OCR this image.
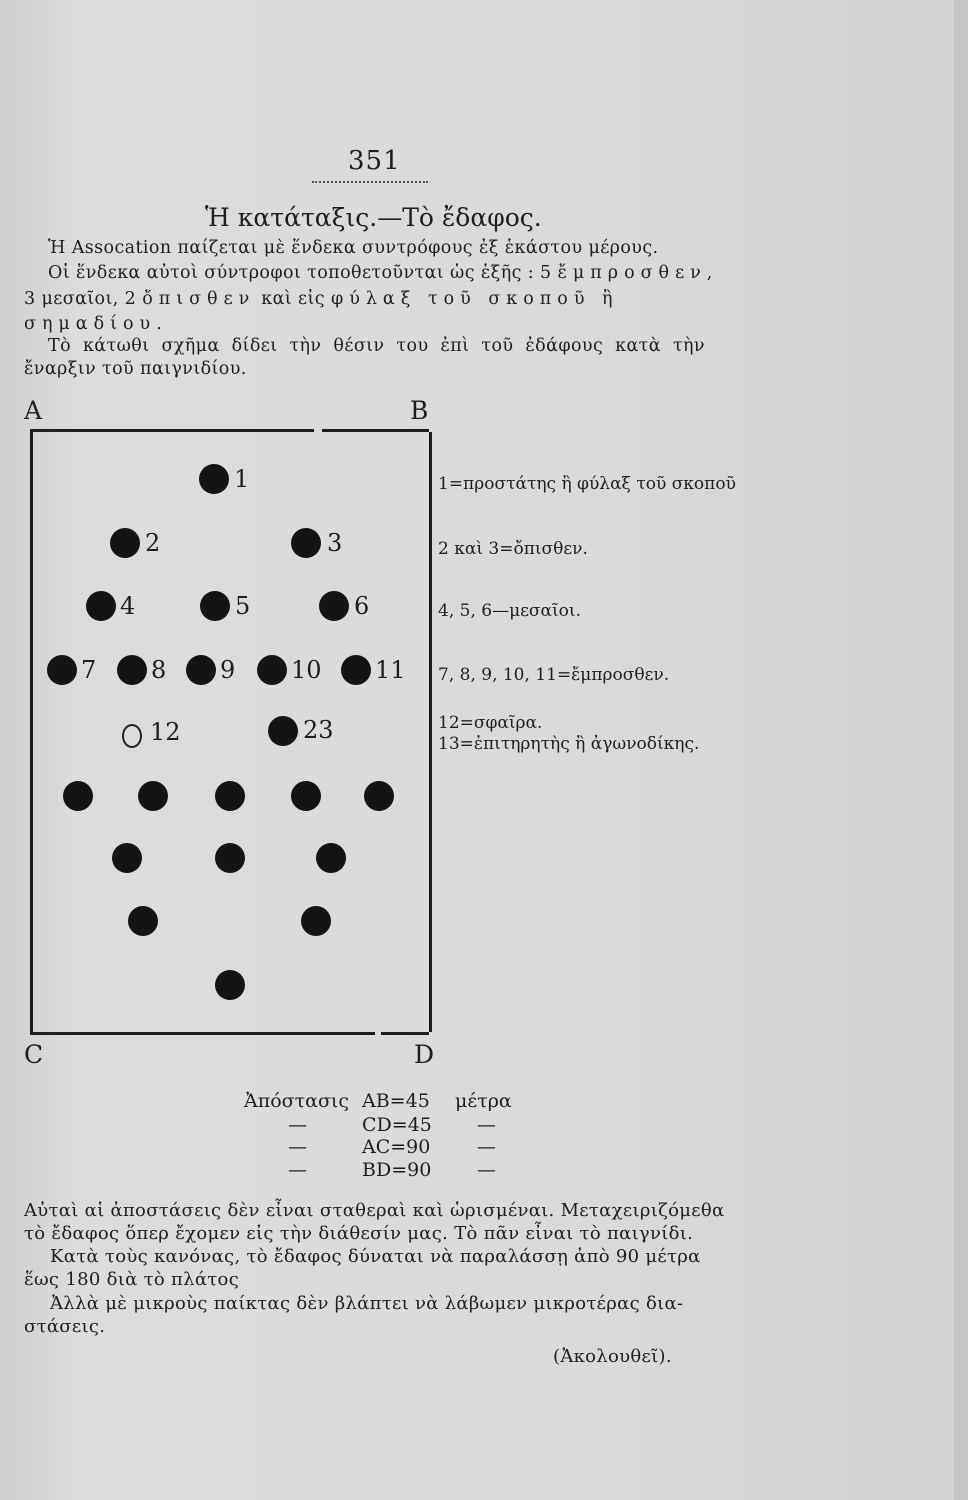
351
Ἡ κατάταξις.—Τὸ ἔδαφος.
Ἡ Assocation παίζεται μὲ ἕνδεκα συντρόφους ἐξ ἑκάστου μέρους.
Οἱ ἕνδεκα αὐτοὶ σύντροφοι τοποθετοῦνται ὡς ἑξῆς : 5 ἔμπροσθεν,
3 μεσαῖοι, 2 ὄπισθεν καὶ εἰς φύλαξ τοῦ σκοποῦ ἢ
σημαδίου.
Τὸ κάτωθι σχῆμα δίδει τὴν θέσιν του ἐπὶ τοῦ ἐδάφους κατὰ τὴν
ἔναρξιν τοῦ παιγνιδίου.
A	B
C	D
1
2	3
4	5	6
7 8 9 10 11
12	23
1=προστάτης ἢ φύλαξ τοῦ σκοποῦ
2 καὶ 3=ὄπισθεν.
4, 5, 6—μεσαῖοι.
7, 8, 9, 10, 11=ἔμπροσθεν.
12=σφαῖρα.
13=ἐπιτηρητὴς ἢ ἀγωνοδίκης.
Ἀπόστασις AB=45 μέτρα
—	CD=45 —
—	AC=90 —
—	BD=90 —
Αὐταὶ αἱ ἀποστάσεις δὲν εἶναι σταθεραὶ καὶ ὡρισμέναι. Μεταχειριζόμεθα
τὸ ἔδαφος ὅπερ ἔχομεν εἰς τὴν διάθεσίν μας. Τὸ πᾶν εἶναι τὸ παιγνίδι.
Κατὰ τοὺς κανόνας, τὸ ἔδαφος δύναται νὰ παραλάσσῃ ἀπὸ 90 μέτρα
ἕως 180 διὰ τὸ πλάτος
Ἀλλὰ μὲ μικροὺς παίκτας δὲν βλάπτει νὰ λάβωμεν μικροτέρας δια-
στάσεις.
(Ἀκολουθεῖ).
